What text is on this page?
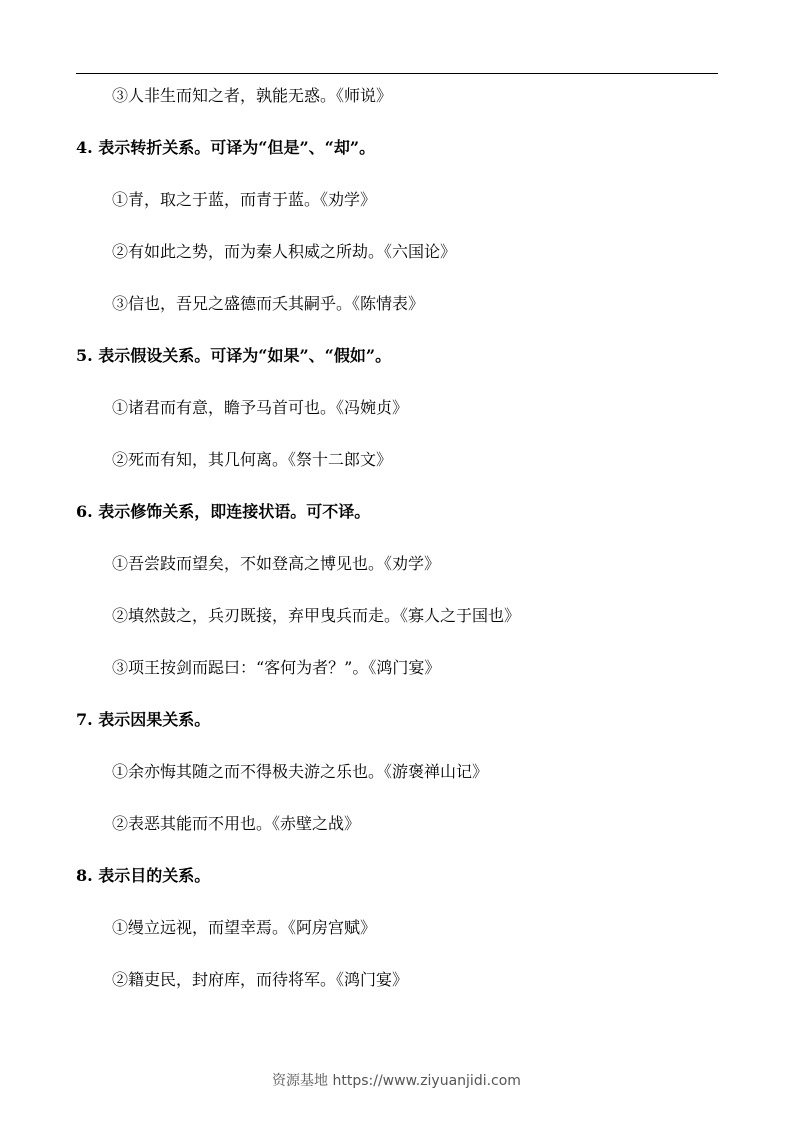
③人非生而知之者，孰能无惑。《师说》
4. 表示转折关系。可译为“但是”、“却”。
①青，取之于蓝，而青于蓝。《劝学》
②有如此之势，而为秦人积威之所劫。《六国论》
③信也，吾兄之盛德而夭其嗣乎。《陈情表》
5. 表示假设关系。可译为“如果”、“假如”。
①诸君而有意，瞻予马首可也。《冯婉贞》
②死而有知，其几何离。《祭十二郎文》
6. 表示修饰关系，即连接状语。可不译。
①吾尝跂而望矣，不如登高之博见也。《劝学》
②填然鼓之，兵刃既接，弃甲曳兵而走。《寡人之于国也》
③项王按剑而跽曰：“客何为者？”。《鸿门宴》
7. 表示因果关系。
①余亦悔其随之而不得极夫游之乐也。《游褒禅山记》
②表恶其能而不用也。《赤壁之战》
8. 表示目的关系。
①缦立远视，而望幸焉。《阿房宫赋》
②籍吏民，封府库，而待将军。《鸿门宴》
资源基地 https://www.ziyuanjidi.com
